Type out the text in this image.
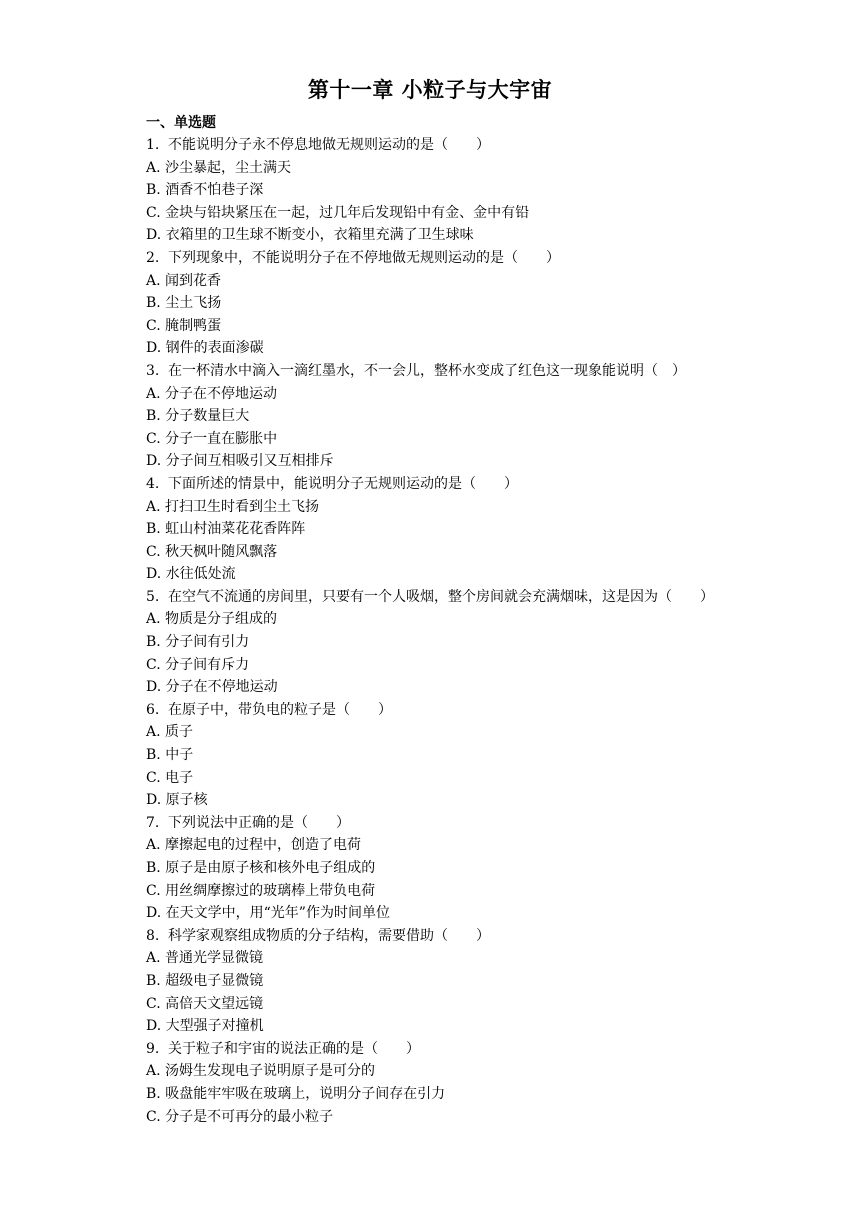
第十一章 小粒子与大宇宙
一、单选题

1. 不能说明分子永不停息地做无规则运动的是（　　）

A. 沙尘暴起，尘土满天

B. 酒香不怕巷子深

C. 金块与铅块紧压在一起，过几年后发现铅中有金、金中有铅

D. 衣箱里的卫生球不断变小，衣箱里充满了卫生球味

2. 下列现象中，不能说明分子在不停地做无规则运动的是（　　）

A. 闻到花香

B. 尘土飞扬

C. 腌制鸭蛋

D. 钢件的表面渗碳

3. 在一杯清水中滴入一滴红墨水，不一会儿，整杯水变成了红色这一现象能说明（　）

A. 分子在不停地运动

B. 分子数量巨大

C. 分子一直在膨胀中

D. 分子间互相吸引又互相排斥

4. 下面所述的情景中，能说明分子无规则运动的是（　　）

A. 打扫卫生时看到尘土飞扬

B. 虹山村油菜花花香阵阵

C. 秋天枫叶随风飘落

D. 水往低处流

5. 在空气不流通的房间里，只要有一个人吸烟，整个房间就会充满烟味，这是因为（　　）

A. 物质是分子组成的

B. 分子间有引力

C. 分子间有斥力

D. 分子在不停地运动

6. 在原子中，带负电的粒子是（　　）

A. 质子

B. 中子

C. 电子

D. 原子核

7. 下列说法中正确的是（　　）

A. 摩擦起电的过程中，创造了电荷

B. 原子是由原子核和核外电子组成的

C. 用丝绸摩擦过的玻璃棒上带负电荷

D. 在天文学中，用“光年”作为时间单位

8. 科学家观察组成物质的分子结构，需要借助（　　）

A. 普通光学显微镜

B. 超级电子显微镜

C. 高倍天文望远镜

D. 大型强子对撞机

9. 关于粒子和宇宙的说法正确的是（　　）

A. 汤姆生发现电子说明原子是可分的

B. 吸盘能牢牢吸在玻璃上，说明分子间存在引力

C. 分子是不可再分的最小粒子
